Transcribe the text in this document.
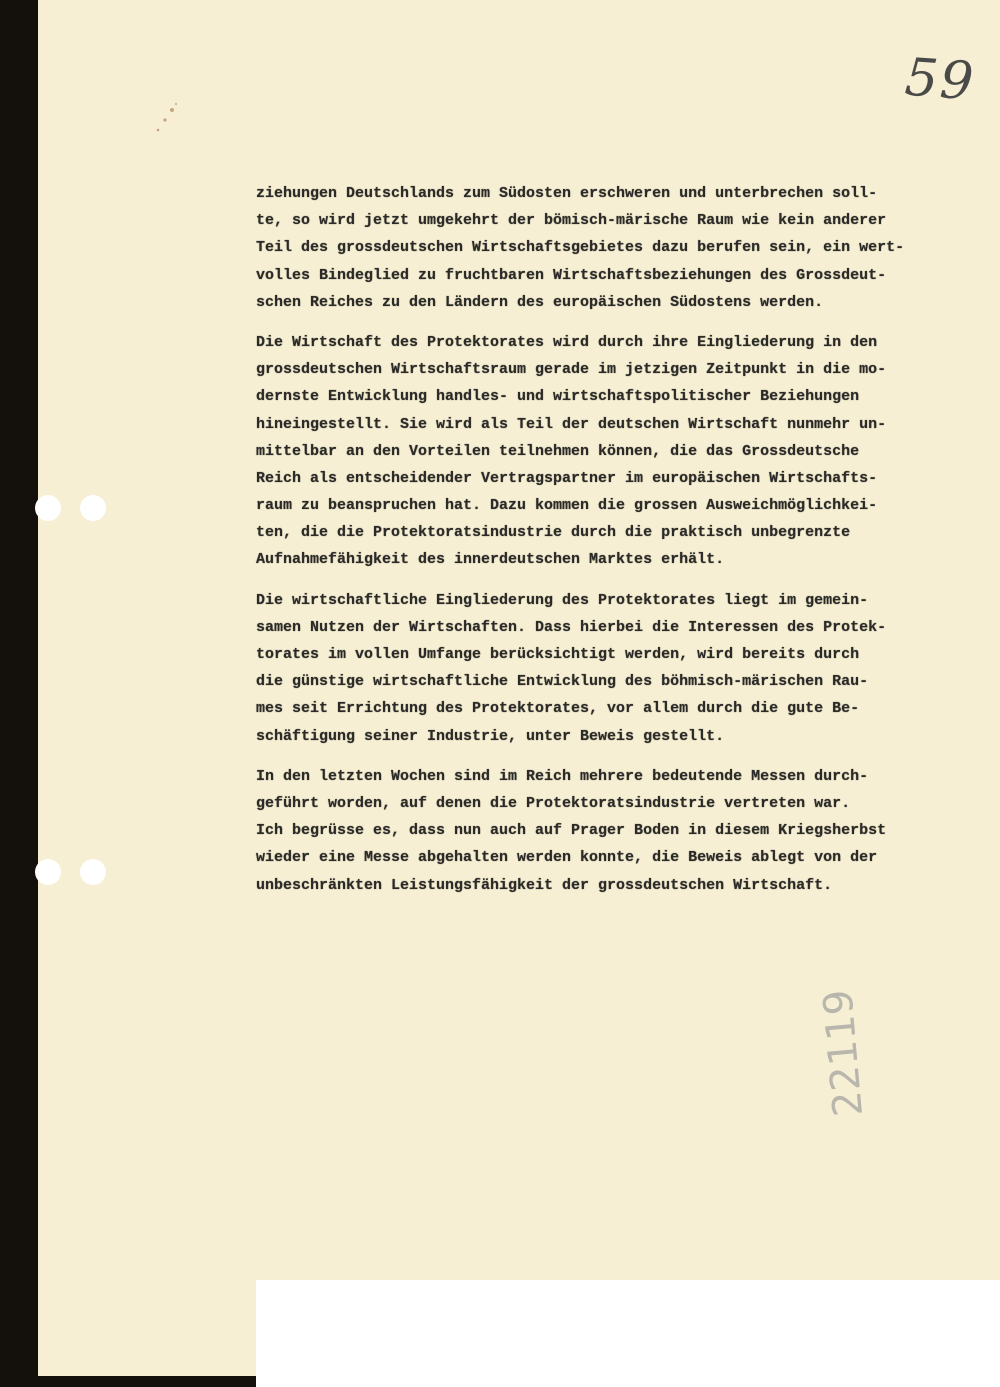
59
22119
ziehungen Deutschlands zum Südosten erschweren und unterbrechen soll-
te, so wird jetzt umgekehrt der bömisch-märische Raum wie kein anderer
Teil des grossdeutschen Wirtschaftsgebietes dazu berufen sein, ein wert-
volles Bindeglied zu fruchtbaren Wirtschaftsbeziehungen des Grossdeut-
schen Reiches zu den Ländern des europäischen Südostens werden.
Die Wirtschaft des Protektorates wird durch ihre Eingliederung in den
grossdeutschen Wirtschaftsraum gerade im jetzigen Zeitpunkt in die mo-
dernste Entwicklung handles- und wirtschaftspolitischer Beziehungen
hineingestellt. Sie wird als Teil der deutschen Wirtschaft nunmehr un-
mittelbar an den Vorteilen teilnehmen können, die das Grossdeutsche
Reich als entscheidender Vertragspartner im europäischen Wirtschafts-
raum zu beanspruchen hat. Dazu kommen die grossen Ausweichmöglichkei-
ten, die die Protektoratsindustrie durch die praktisch unbegrenzte
Aufnahmefähigkeit des innerdeutschen Marktes erhält.
Die wirtschaftliche Eingliederung des Protektorates liegt im gemein-
samen Nutzen der Wirtschaften. Dass hierbei die Interessen des Protek-
torates im vollen Umfange berücksichtigt werden, wird bereits durch
die günstige wirtschaftliche Entwicklung des böhmisch-märischen Rau-
mes seit Errichtung des Protektorates, vor allem durch die gute Be-
schäftigung seiner Industrie, unter Beweis gestellt.
In den letzten Wochen sind im Reich mehrere bedeutende Messen durch-
geführt worden, auf denen die Protektoratsindustrie vertreten war.
Ich begrüsse es, dass nun auch auf Prager Boden in diesem Kriegsherbst
wieder eine Messe abgehalten werden konnte, die Beweis ablegt von der
unbeschränkten Leistungsfähigkeit der grossdeutschen Wirtschaft.
